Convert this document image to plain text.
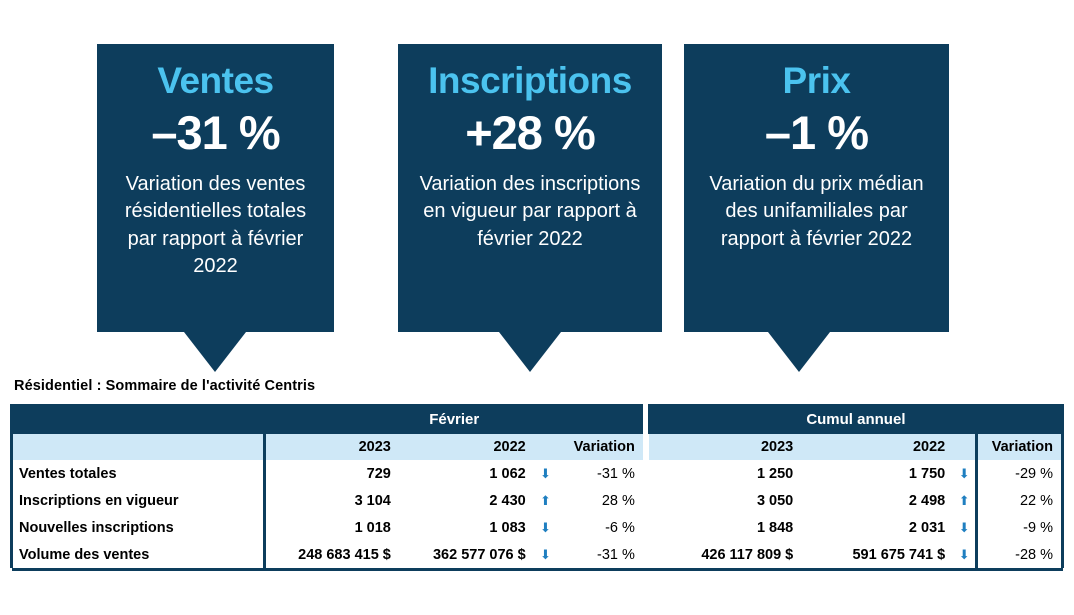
Ventes
–31 %
Variation des ventes résidentielles totales par rapport à février 2022
Inscriptions
+28 %
Variation des inscriptions en vigueur par rapport à février 2022
Prix
–1 %
Variation du prix médian des unifamiliales par rapport à février 2022
Résidentiel : Sommaire de l'activité Centris
	Février					Cumul annuel			
	2023	2022		Variation		2023	2022		Variation
Ventes totales	729	1 062	⬇	-31 %		1 250	1 750	⬇	-29 %
Inscriptions en vigueur	3 104	2 430	⬆	28 %		3 050	2 498	⬆	22 %
Nouvelles inscriptions	1 018	1 083	⬇	-6 %		1 848	2 031	⬇	-9 %
Volume des ventes	248 683 415 $	362 577 076 $	⬇	-31 %		426 117 809 $	591 675 741 $	⬇	-28 %
